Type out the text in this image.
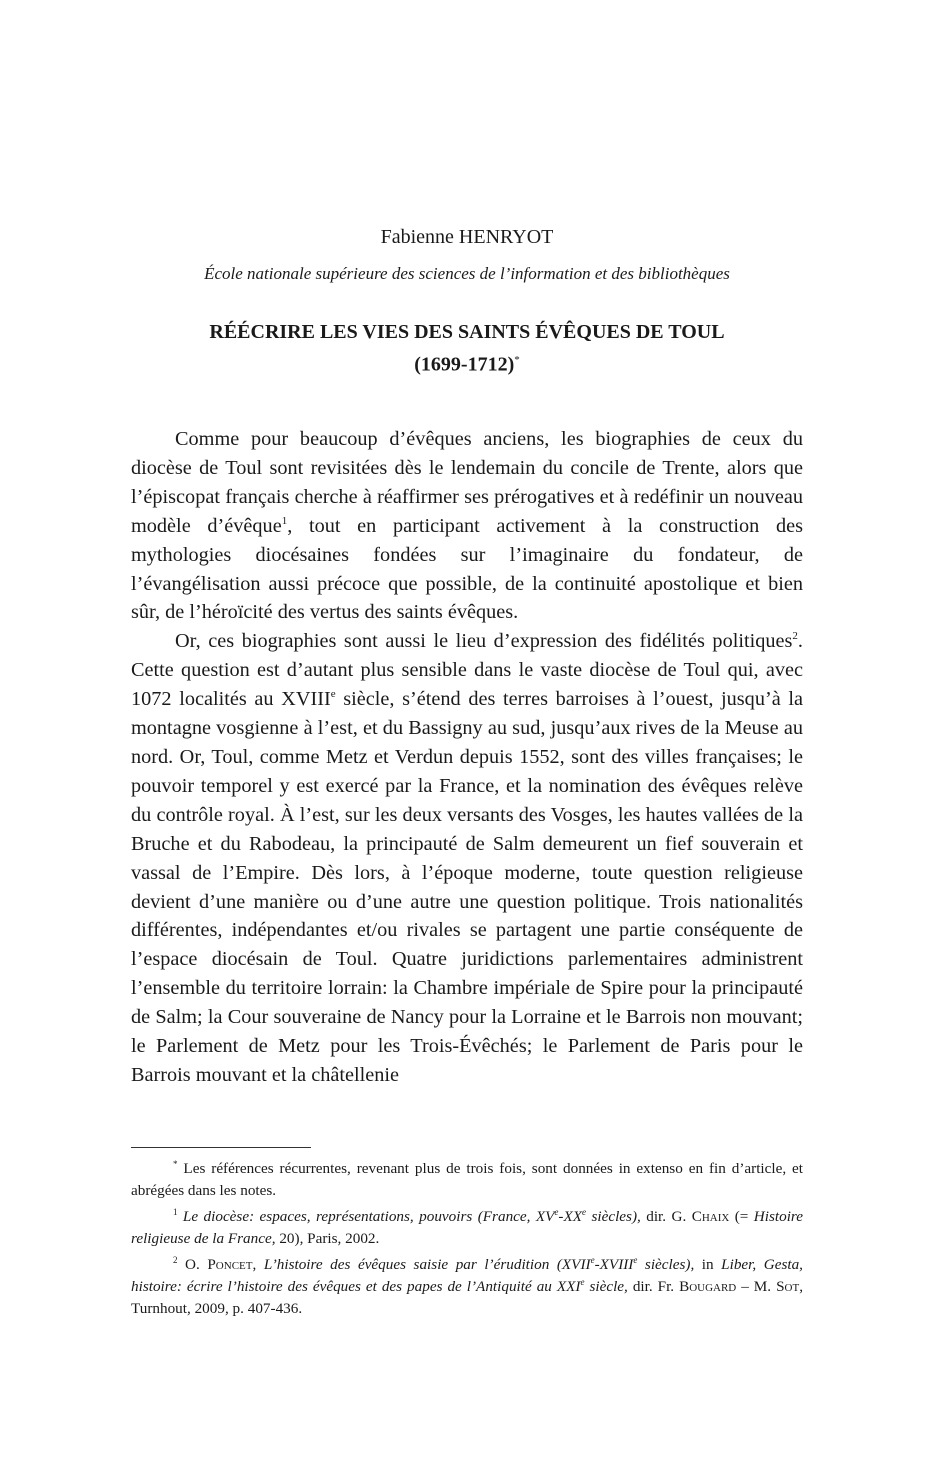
Fabienne HENRYOT
École nationale supérieure des sciences de l’information et des bibliothèques
RÉÉCRIRE LES VIES DES SAINTS ÉVÊQUES DE TOUL
(1699-1712)*

Comme pour beaucoup d’évêques anciens, les biographies de ceux du diocèse de Toul sont revisitées dès le lendemain du concile de Trente, alors que l’épiscopat français cherche à réaffirmer ses prérogatives et à redéfinir un nouveau modèle d’évêque$^1$, tout en participant activement à la construction des mythologies diocésaines fondées sur l’imaginaire du fondateur, de l’évangélisation aussi précoce que possible, de la continuité apostolique et bien sûr, de l’héroïcité des vertus des saints évêques.

Or, ces biographies sont aussi le lieu d’expression des fidélités politiques$^2$. Cette question est d’autant plus sensible dans le vaste diocèse de Toul qui, avec 1072 localités au XVIIIe siècle, s’étend des terres barroises à l’ouest, jusqu’à la montagne vosgienne à l’est, et du Bassigny au sud, jusqu’aux rives de la Meuse au nord. Or, Toul, comme Metz et Verdun depuis 1552, sont des villes françaises; le pouvoir temporel y est exercé par la France, et la nomination des évêques relève du contrôle royal. À l’est, sur les deux versants des Vosges, les hautes vallées de la Bruche et du Rabodeau, la principauté de Salm demeurent un fief souverain et vassal de l’Empire. Dès lors, à l’époque moderne, toute question religieuse devient d’une manière ou d’une autre une question politique. Trois nationalités différentes, indépendantes et/ou rivales se partagent une partie conséquente de l’espace diocésain de Toul. Quatre juridictions parlementaires administrent l’ensemble du territoire lorrain: la Chambre impériale de Spire pour la principauté de Salm; la Cour souveraine de Nancy pour la Lorraine et le Barrois non mouvant; le Parlement de Metz pour les Trois-Évêchés; le Parlement de Paris pour le Barrois mouvant et la châtellenie

* Les références récurrentes, revenant plus de trois fois, sont données in extenso en fin d’article, et abrégées dans les notes.

$^1$ Le diocèse: espaces, représentations, pouvoirs (France, XVe-XXe siècles), dir. G. Chaix (= Histoire religieuse de la France, 20), Paris, 2002.

$^2$ O. Poncet, L’histoire des évêques saisie par l’érudition (XVIIe-XVIIIe siècles), in Liber, Gesta, histoire: écrire l’histoire des évêques et des papes de l’Antiquité au XXIe siècle, dir. Fr. Bougard – M. Sot, Turnhout, 2009, p. 407-436.
